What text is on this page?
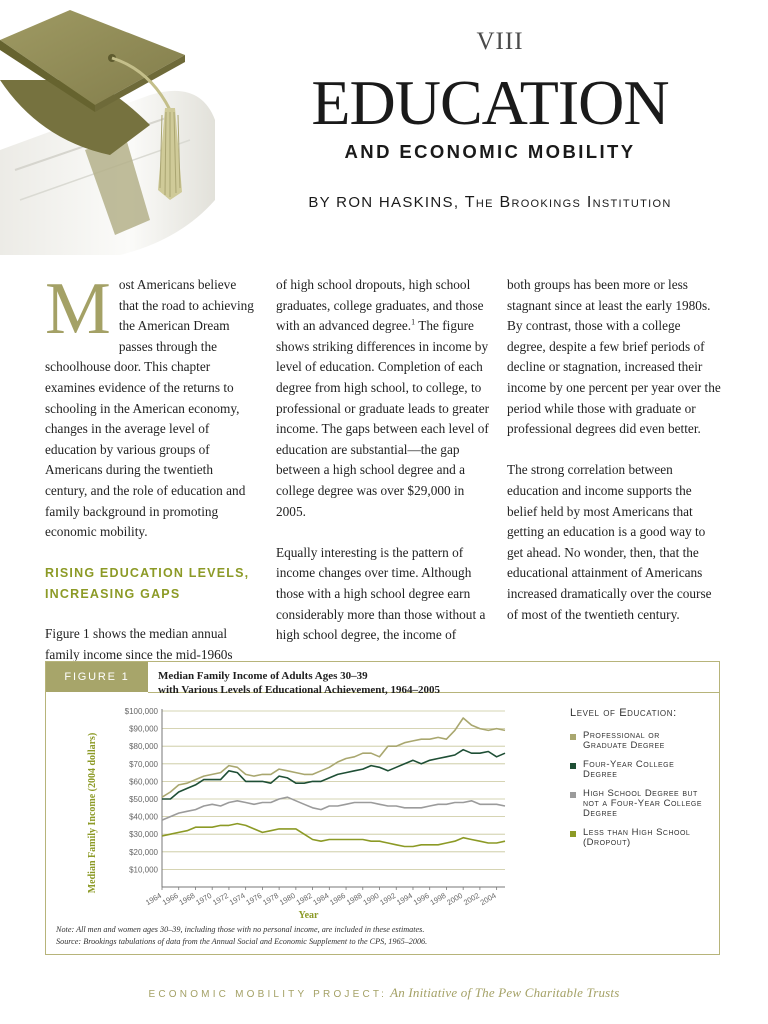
VIII
EDUCATION
AND ECONOMIC MOBILITY
BY RON HASKINS, The Brookings Institution

Most Americans believe that the road to achieving the American Dream passes through the schoolhouse door. This chapter examines evidence of the returns to schooling in the American economy, changes in the average level of education by various groups of Americans during the twentieth century, and the role of education and family background in promoting economic mobility.

RISING EDUCATION LEVELS, INCREASING GAPS

Figure 1 shows the median annual family income since the mid-1960s

of high school dropouts, high school graduates, college graduates, and those with an advanced degree.$^1$ The figure shows striking differences in income by level of education. Completion of each degree from high school, to college, to professional or graduate leads to greater income. The gaps between each level of education are substantial—the gap between a high school degree and a college degree was over $29,000 in 2005.

Equally interesting is the pattern of income changes over time. Although those with a high school degree earn considerably more than those without a high school degree, the income of

both groups has been more or less stagnant since at least the early 1980s. By contrast, those with a college degree, despite a few brief periods of decline or stagnation, increased their income by one percent per year over the period while those with graduate or professional degrees did even better.

The strong correlation between education and income supports the belief held by most Americans that getting an education is a good way to get ahead. No wonder, then, that the educational attainment of Americans increased dramatically over the course of most of the twentieth century.

FIGURE 1	Median Family Income of Adults Ages 30–39
with Various Levels of Educational Achievement, 1964–2005
$10,000
$20,000
$30,000
$40,000
$50,000
$60,000
$70,000
$80,000
$90,000
$100,000
1964
1966
1968
1970
1972
1974
1976
1978
1980
1982
1984
1986
1988
1990
1992
1994
1996
1998
2000
2002
2004
Year
Median Family Income (2004 dollars)
Level of Education:
Professional or Graduate Degree
Four-Year College Degree
High School Degree but not a Four-Year College Degree
Less than High School (Dropout)
Note: All men and women ages 30–39, including those with no personal income, are included in these estimates.
Source: Brookings tabulations of data from the Annual Social and Economic Supplement to the CPS, 1965–2006.
ECONOMIC MOBILITY PROJECT: An Initiative of The Pew Charitable Trusts
